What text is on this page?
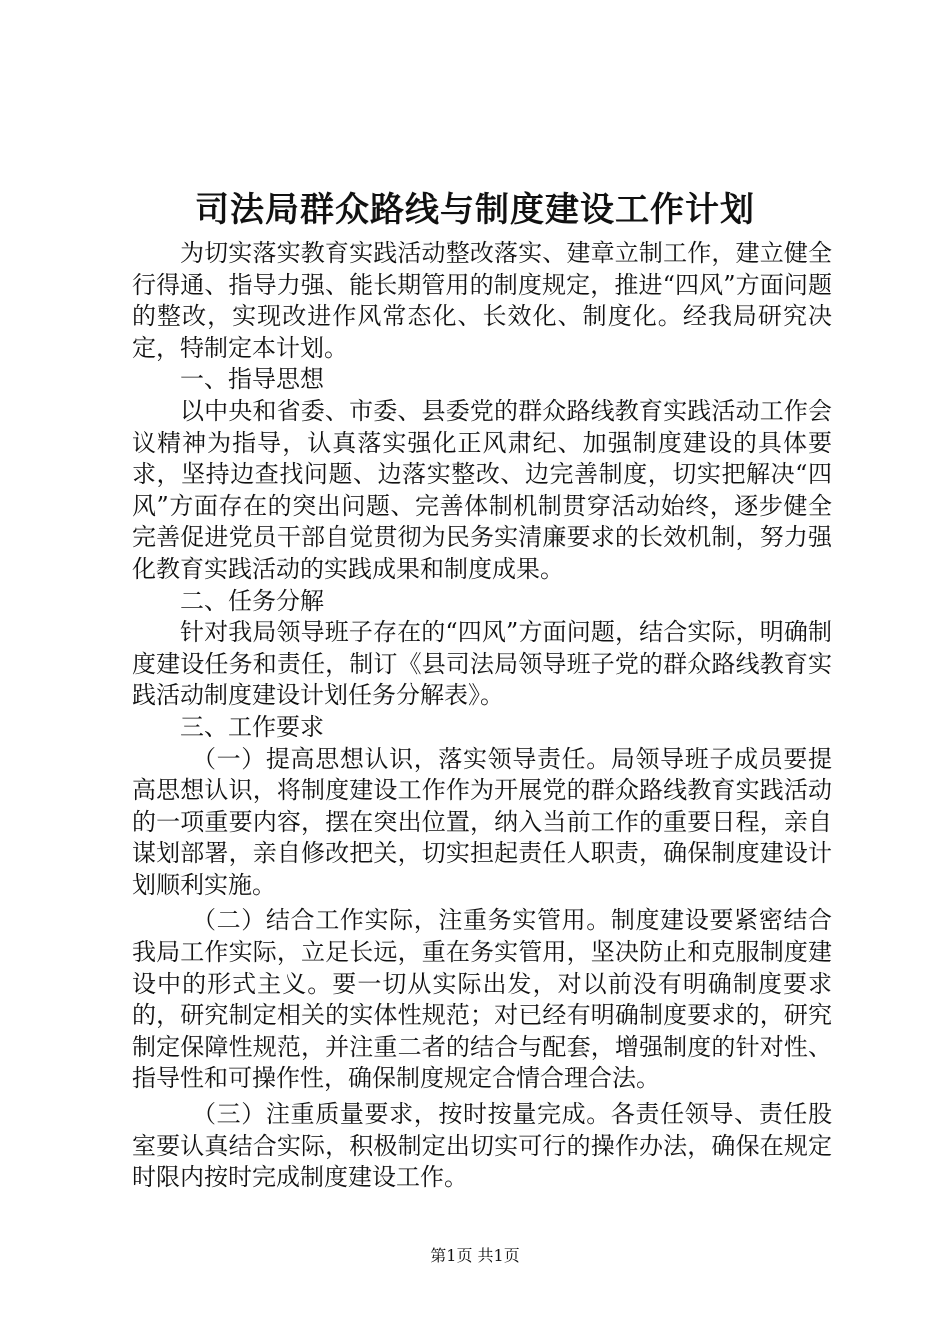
司法局群众路线与制度建设工作计划

为切实落实教育实践活动整改落实、建章立制工作，建立健全行得通、指导力强、能长期管用的制度规定，推进“四风”方面问题的整改，实现改进作风常态化、长效化、制度化。经我局研究决定，特制定本计划。

一、指导思想

以中央和省委、市委、县委党的群众路线教育实践活动工作会议精神为指导，认真落实强化正风肃纪、加强制度建设的具体要求，坚持边查找问题、边落实整改、边完善制度，切实把解决“四风”方面存在的突出问题、完善体制机制贯穿活动始终，逐步健全完善促进党员干部自觉贯彻为民务实清廉要求的长效机制，努力强化教育实践活动的实践成果和制度成果。

二、任务分解

针对我局领导班子存在的“四风”方面问题，结合实际，明确制度建设任务和责任，制订《县司法局领导班子党的群众路线教育实践活动制度建设计划任务分解表》。

三、工作要求

（一）提高思想认识，落实领导责任。局领导班子成员要提高思想认识，将制度建设工作作为开展党的群众路线教育实践活动的一项重要内容，摆在突出位置，纳入当前工作的重要日程，亲自谋划部署，亲自修改把关，切实担起责任人职责，确保制度建设计划顺利实施。

（二）结合工作实际，注重务实管用。制度建设要紧密结合我局工作实际，立足长远，重在务实管用，坚决防止和克服制度建设中的形式主义。要一切从实际出发，对以前没有明确制度要求的，研究制定相关的实体性规范；对已经有明确制度要求的，研究制定保障性规范，并注重二者的结合与配套，增强制度的针对性、指导性和可操作性，确保制度规定合情合理合法。

（三）注重质量要求，按时按量完成。各责任领导、责任股室要认真结合实际，积极制定出切实可行的操作办法，确保在规定时限内按时完成制度建设工作。

第1页 共1页
